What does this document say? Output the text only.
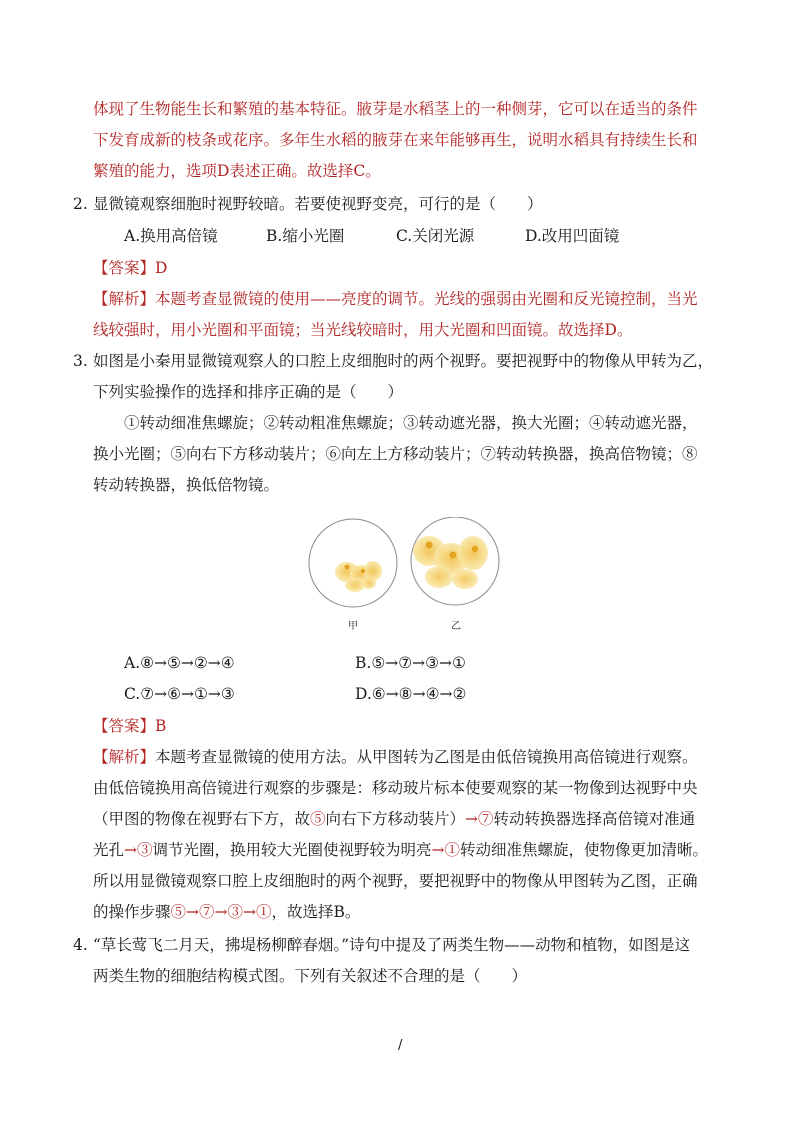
体现了生物能生长和繁殖的基本特征。腋芽是水稻茎上的一种侧芽，它可以在适当的条件
下发育成新的枝条或花序。多年生水稻的腋芽在来年能够再生，说明水稻具有持续生长和
繁殖的能力，选项D表述正确。故选择C。
2. 显微镜观察细胞时视野较暗。若要使视野变亮，可行的是（　　）
A.换用高倍镜	B.缩小光圈	C.关闭光源	D.改用凹面镜
【答案】D
【解析】本题考查显微镜的使用——亮度的调节。光线的强弱由光圈和反光镜控制，当光
线较强时，用小光圈和平面镜；当光线较暗时，用大光圈和凹面镜。故选择D。
3. 如图是小秦用显微镜观察人的口腔上皮细胞时的两个视野。要把视野中的物像从甲转为乙，
下列实验操作的选择和排序正确的是（　　）
①转动细准焦螺旋；②转动粗准焦螺旋；③转动遮光器，换大光圈；④转动遮光器，
换小光圈；⑤向右下方移动装片；⑥向左上方移动装片；⑦转动转换器，换高倍物镜；⑧
转动转换器，换低倍物镜。
甲	乙
A.⑧→⑤→②→④	B.⑤→⑦→③→①
C.⑦→⑥→①→③	D.⑥→⑧→④→②
【答案】B
【解析】本题考查显微镜的使用方法。从甲图转为乙图是由低倍镜换用高倍镜进行观察。
由低倍镜换用高倍镜进行观察的步骤是：移动玻片标本使要观察的某一物像到达视野中央
（甲图的物像在视野右下方，故⑤向右下方移动装片）→⑦转动转换器选择高倍镜对准通
光孔→③调节光圈，换用较大光圈使视野较为明亮→①转动细准焦螺旋，使物像更加清晰。
所以用显微镜观察口腔上皮细胞时的两个视野，要把视野中的物像从甲图转为乙图，正确
的操作步骤⑤→⑦→③→①，故选择B。
4. “草长莺飞二月天，拂堤杨柳醉春烟。”诗句中提及了两类生物——动物和植物，如图是这
两类生物的细胞结构模式图。下列有关叙述不合理的是（　　）
/
